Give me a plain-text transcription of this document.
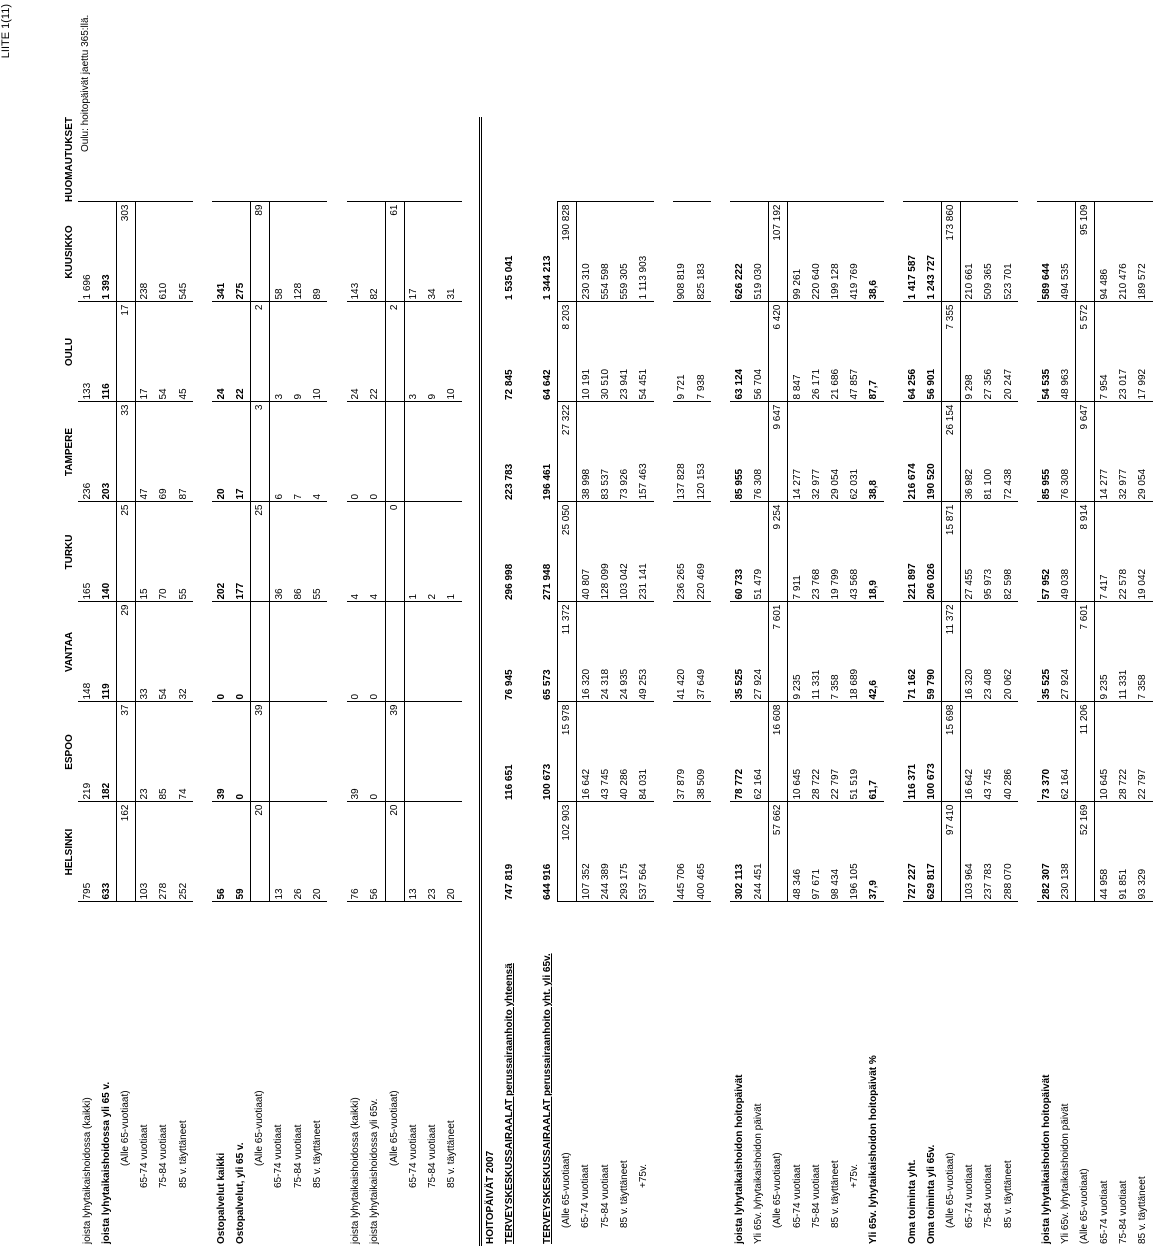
LIITE 1(11)
	HELSINKI	ESPOO	VANTAA	TURKU	TAMPERE	OULU	KUUSIKKO	HUOMAUTUKSET
joista lyhytaikaishoidossa (kaikki)	795	219	148	165	236	133	1 696	
joista lyhytaikaishoidossa yli 65 v.	633	182	119	140	203	116	1 393	
(Alle 65-vuotiaat)	162	37	29	25	33	17	303	
65-74 vuotiaat	103	23	33	15	47	17	238	
75-84 vuotiaat	278	85	54	70	69	54	610	
85 v. täyttäneet	252	74	32	55	87	45	545	

Ostopalvelut kaikki	56	39	0	202	20	24	341	
Ostopalvelut, yli 65 v.	59	0	0	177	17	22	275	
(Alle 65-vuotiaat)	20	39		25	3	2	89	
65-74 vuotiaat	13			36	6	3	58	
75-84 vuotiaat	26			86	7	9	128	
85 v. täyttäneet	20			55	4	10	89	

joista lyhytaikaishoidossa (kaikki)	76	39	0	4	0	24	143	
joista lyhytaikaishoidossa yli 65v.	56	0	0	4	0	22	82	
(Alle 65-vuotiaat)	20	39		0		2	61	
65-74 vuotiaat	13			1		3	17	
75-84 vuotiaat	23			2		9	34	
85 v. täyttäneet	20			1		10	31	

HOITOPÄIVÄT 2007								
TERVEYSKESKUSSAIRAALAT perussairaanhoito yhteensä	747 819	116 651	76 945	296 998	223 783	72 845	1 535 041	

TERVEYSKESKUSSAIRAALAT perussairaanhoito yht. yli 65v.	644 916	100 673	65 573	271 948	196 461	64 642	1 344 213	
(Alle 65-vuotiaat)	102 903	15 978	11 372	25 050	27 322	8 203	190 828	
65-74 vuotiaat	107 352	16 642	16 320	40 807	38 998	10 191	230 310	
75-84 vuotiaat	244 389	43 745	24 318	128 099	83 537	30 510	554 598	
85 v. täyttäneet	293 175	40 286	24 935	103 042	73 926	23 941	559 305	
+75v.	537 564	84 031	49 253	231 141	157 463	54 451	1 113 903	

	445 706	37 879	41 420	236 265	137 828	9 721	908 819	
	400 465	38 509	37 649	220 469	120 153	7 938	825 183	

joista lyhytaikaishoidon hoitopäivät	302 113	78 772	35 525	60 733	85 955	63 124	626 222	
Yli 65v. lyhytaikaishoidon päivät	244 451	62 164	27 924	51 479	76 308	56 704	519 030	
(Alle 65-vuotiaat)	57 662	16 608	7 601	9 254	9 647	6 420	107 192	
65-74 vuotiaat	48 346	10 645	9 235	7 911	14 277	8 847	99 261	
75-84 vuotiaat	97 671	28 722	11 331	23 768	32 977	26 171	220 640	
85 v. täyttäneet	98 434	22 797	7 358	19 799	29 054	21 686	199 128	
+75v.	196 105	51 519	18 689	43 568	62 031	47 857	419 769	
Yli 65v. lyhytaikaishoidon hoitopäivät %	37,9	61,7	42,6	18,9	38,8	87,7	38,6	

Oma toiminta yht.	727 227	116 371	71 162	221 897	216 674	64 256	1 417 587	
Oma toiminta yli 65v.	629 817	100 673	59 790	206 026	190 520	56 901	1 243 727	
(Alle 65-vuotiaat)	97 410	15 698	11 372	15 871	26 154	7 355	173 860	
65-74 vuotiaat	103 964	16 642	16 320	27 455	36 982	9 298	210 661	
75-84 vuotiaat	237 783	43 745	23 408	95 973	81 100	27 356	509 365	
85 v. täyttäneet	288 070	40 286	20 062	82 598	72 438	20 247	523 701	

joista lyhytaikaishoidon hoitopäivät	282 307	73 370	35 525	57 952	85 955	54 535	589 644	
Yli 65v. lyhytaikaishoidon päivät	230 138	62 164	27 924	49 038	76 308	48 963	494 535	
(Alle 65-vuotiaat)	52 169	11 206	7 601	8 914	9 647	5 572	95 109	
65-74 vuotiaat	44 958	10 645	9 235	7 417	14 277	7 954	94 486	
75-84 vuotiaat	91 851	28 722	11 331	22 578	32 977	23 017	210 476	
85 v. täyttäneet	93 329	22 797	7 358	19 042	29 054	17 992	189 572	
Oulu: hoitopäivät jaettu 365:llä.
